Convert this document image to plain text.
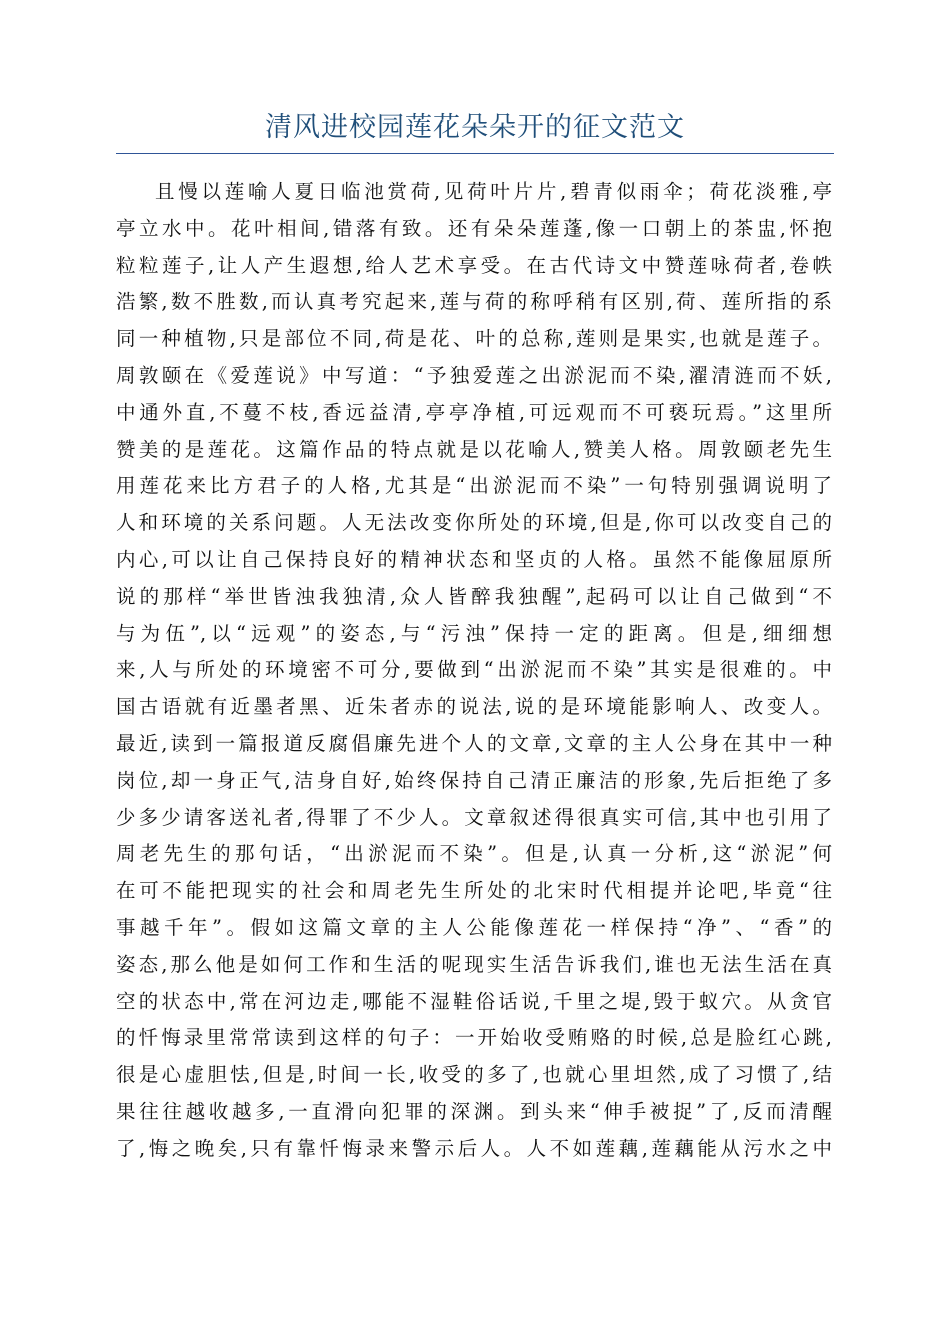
清风进校园莲花朵朵开的征文范文
且慢以莲喻人夏日临池赏荷,见荷叶片片,碧青似雨伞；荷花淡雅,亭
亭立水中。花叶相间,错落有致。还有朵朵莲蓬,像一口朝上的茶盅,怀抱
粒粒莲子,让人产生遐想,给人艺术享受。在古代诗文中赞莲咏荷者,卷帙
浩繁,数不胜数,而认真考究起来,莲与荷的称呼稍有区别,荷、莲所指的系
同一种植物,只是部位不同,荷是花、叶的总称,莲则是果实,也就是莲子。
周敦颐在《爱莲说》中写道：“予独爱莲之出淤泥而不染,濯清涟而不妖,
中通外直,不蔓不枝,香远益清,亭亭净植,可远观而不可亵玩焉。”这里所
赞美的是莲花。这篇作品的特点就是以花喻人,赞美人格。周敦颐老先生
用莲花来比方君子的人格,尤其是“出淤泥而不染”一句特别强调说明了
人和环境的关系问题。人无法改变你所处的环境,但是,你可以改变自己的
内心,可以让自己保持良好的精神状态和坚贞的人格。虽然不能像屈原所
说的那样“举世皆浊我独清,众人皆醉我独醒”,起码可以让自己做到“不
与为伍”,以“远观”的姿态,与“污浊”保持一定的距离。但是,细细想
来,人与所处的环境密不可分,要做到“出淤泥而不染”其实是很难的。中
国古语就有近墨者黑、近朱者赤的说法,说的是环境能影响人、改变人。
最近,读到一篇报道反腐倡廉先进个人的文章,文章的主人公身在其中一种
岗位,却一身正气,洁身自好,始终保持自己清正廉洁的形象,先后拒绝了多
少多少请客送礼者,得罪了不少人。文章叙述得很真实可信,其中也引用了
周老先生的那句话，“出淤泥而不染”。但是,认真一分析,这“淤泥”何
在可不能把现实的社会和周老先生所处的北宋时代相提并论吧,毕竟“往
事越千年”。假如这篇文章的主人公能像莲花一样保持“净”、“香”的
姿态,那么他是如何工作和生活的呢现实生活告诉我们,谁也无法生活在真
空的状态中,常在河边走,哪能不湿鞋俗话说,千里之堤,毁于蚁穴。从贪官
的忏悔录里常常读到这样的句子：一开始收受贿赂的时候,总是脸红心跳,
很是心虚胆怯,但是,时间一长,收受的多了,也就心里坦然,成了习惯了,结
果往往越收越多,一直滑向犯罪的深渊。到头来“伸手被捉”了,反而清醒
了,悔之晚矣,只有靠忏悔录来警示后人。人不如莲藕,莲藕能从污水之中
